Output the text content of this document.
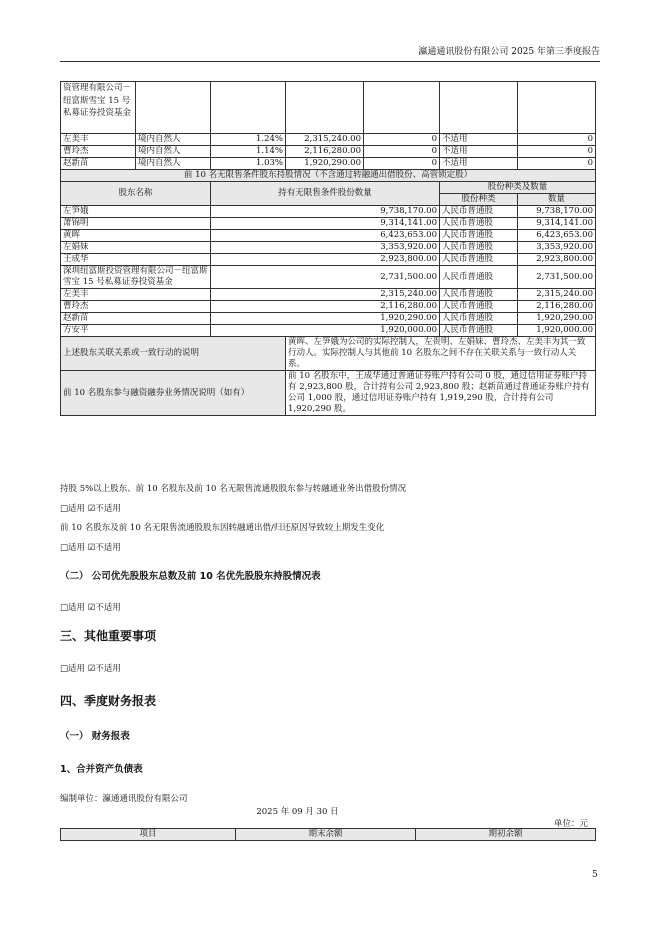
瀛通通讯股份有限公司 2025 年第三季度报告
资管理有限公司－纽富斯雪宝 15 号私募证券投资基金						
左美丰	境内自然人	1.24%	2,315,240.00	0	不适用	0
曹玲杰	境内自然人	1.14%	2,116,280.00	0	不适用	0
赵新苗	境内自然人	1.03%	1,920,290.00	0	不适用	0
前 10 名无限售条件股东持股情况（不含通过转融通出借股份、高管锁定股）						
股东名称		持有无限售条件股份数量			股份种类及数量	
					股份种类	数量
左笋娥		9,738,170.00			人民币普通股	9,738,170.00
萧锦明		9,314,141.00			人民币普通股	9,314,141.00
黄晖		6,423,653.00			人民币普通股	6,423,653.00
左娟妹		3,353,920.00			人民币普通股	3,353,920.00
王成华		2,923,800.00			人民币普通股	2,923,800.00
深圳纽富斯投资管理有限公司－纽富斯雪宝 15 号私募证券投资基金		2,731,500.00			人民币普通股	2,731,500.00
左美丰		2,315,240.00			人民币普通股	2,315,240.00
曹玲杰		2,116,280.00			人民币普通股	2,116,280.00
赵新苗		1,920,290.00			人民币普通股	1,920,290.00
方安平		1,920,000.00			人民币普通股	1,920,000.00
上述股东关联关系或一致行动的说明			黄晖、左笋娥为公司的实际控制人，左贵明、左娟妹、曹玲杰、左美丰为其一致行动人。实际控制人与其他前 10 名股东之间不存在关联关系与一致行动人关系。			
前 10 名股东参与融资融券业务情况说明（如有）			前 10 名股东中，王成华通过普通证券账户持有公司 0 股，通过信用证券账户持有 2,923,800 股，合计持有公司 2,923,800 股；赵新苗通过普通证券账户持有公司 1,000 股，通过信用证券账户持有 1,919,290 股，合计持有公司 1,920,290 股。			
持股 5%以上股东、前 10 名股东及前 10 名无限售流通股股东参与转融通业务出借股份情况
□适用 ☑不适用
前 10 名股东及前 10 名无限售流通股股东因转融通出借/归还原因导致较上期发生变化
□适用 ☑不适用
（二） 公司优先股股东总数及前 10 名优先股股东持股情况表
□适用 ☑不适用
三、其他重要事项
□适用 ☑不适用
四、季度财务报表
（一） 财务报表
1、合并资产负债表
编制单位：瀛通通讯股份有限公司
2025 年 09 月 30 日
单位：元
项目	期末余额	期初余额
5
